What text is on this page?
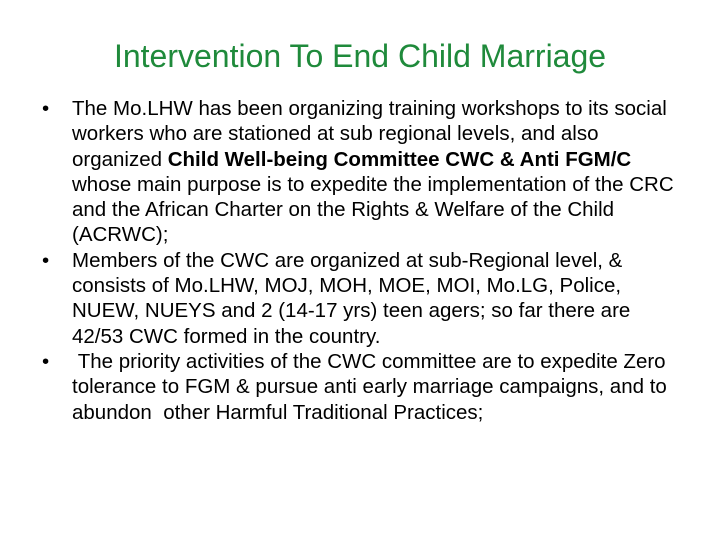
Intervention To End Child Marriage
•	The Mo.LHW has been organizing training workshops to its social workers who are stationed at sub regional levels, and also organized Child Well-being Committee CWC & Anti FGM/C whose main purpose is to expedite the implementation of the CRC and the African Charter on the Rights & Welfare of the Child (ACRWC);
•	Members of the CWC are organized at sub-Regional level, & consists of Mo.LHW, MOJ, MOH, MOE, MOI, Mo.LG, Police, NUEW, NUEYS and 2 (14-17 yrs) teen agers; so far there are 42/53 CWC formed in the country.
•	The priority activities of the CWC committee are to expedite Zero tolerance to FGM & pursue anti early marriage campaigns, and to abundon  other Harmful Traditional Practices;
